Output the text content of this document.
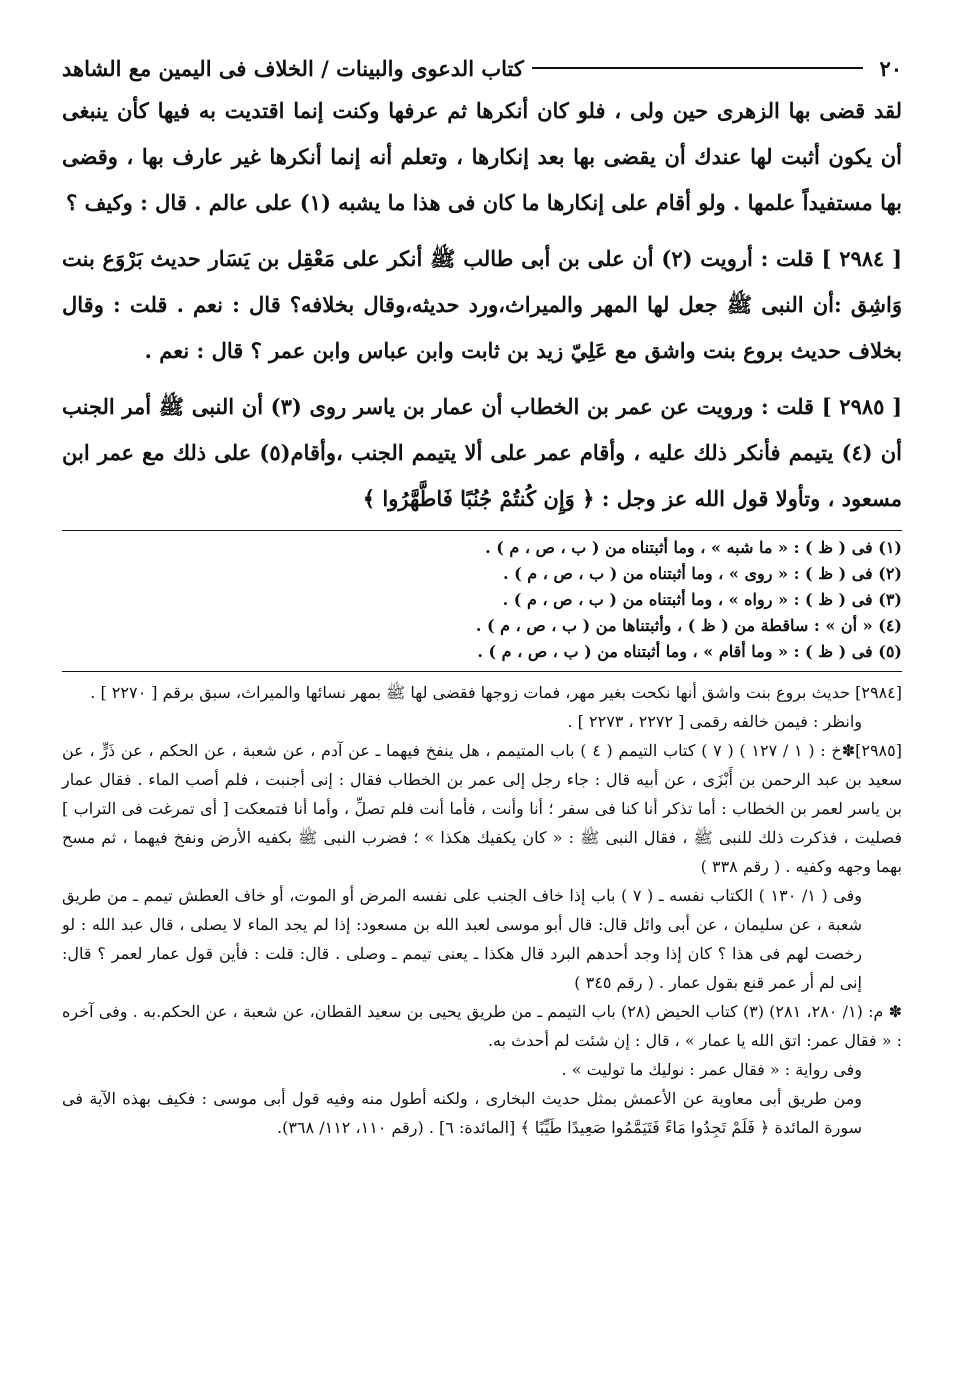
٢٠
كتاب الدعوى والبينات / الخلاف فى اليمين مع الشاهد

لقد قضى بها الزهرى حين ولى ، فلو كان أنكرها ثم عرفها وكنت إنما اقتديت به فيها كأن ينبغى أن يكون أثبت لها عندك أن يقضى بها بعد إنكارها ، وتعلم أنه إنما أنكرها غير عارف بها ، وقضى بها مستفيداً علمها . ولو أقام على إنكارها ما كان فى هذا ما يشبه (١) على عالم . قال : وكيف ؟

[ ٢٩٨٤ ] قلت : أرويت (٢) أن على بن أبى طالب ﷺ أنكر على مَعْقِل بن يَسَار حديث بَرْوَع بنت وَاشِق :أن النبى ﷺ جعل لها المهر والميراث،ورد حديثه،وقال بخلافه؟ قال : نعم . قلت : وقال بخلاف حديث بروع بنت واشق مع عَلِيّ زيد بن ثابت وابن عباس وابن عمر ؟ قال : نعم .

[ ٢٩٨٥ ] قلت : ورويت عن عمر بن الخطاب أن عمار بن ياسر روى (٣) أن النبى ﷺ أمر الجنب أن (٤) يتيمم فأنكر ذلك عليه ، وأقام عمر على ألا يتيمم الجنب ،وأقام(٥) على ذلك مع عمر ابن مسعود ، وتأولا قول الله عز وجل : ﴿ وَإِن كُنتُمْ جُنُبًا فَاطَّهَّرُوا ﴾

(١) فى ( ظ ) : « ما شبه » ، وما أثبتناه من ( ب ، ص ، م ) .
(٢) فى ( ظ ) : « روى » ، وما أثبتناه من ( ب ، ص ، م ) .
(٣) فى ( ظ ) : « رواه » ، وما أثبتناه من ( ب ، ص ، م ) .
(٤) « أن » : ساقطة من ( ظ ) ، وأثبتناها من ( ب ، ص ، م ) .
(٥) فى ( ظ ) : « وما أقام » ، وما أثبتناه من ( ب ، ص ، م ) .

[٢٩٨٤] حديث بروع بنت واشق أنها نكحت بغير مهر، فمات زوجها فقضى لها ﷺ بمهر نسائها والميراث، سبق برقم [ ٢٢٧٠ ] .

وانظر : فيمن خالفه رقمى [ ٢٢٧٢ ، ٢٢٧٣ ] .

[٢٩٨٥]✽خ : ( ١ / ١٢٧ ) ( ٧ ) كتاب التيمم ( ٤ ) باب المتيمم ، هل ينفخ فيهما ـ عن آدم ، عن شعبة ، عن الحكم ، عن ذَرٍّ ، عن سعيد بن عبد الرحمن بن أَبْزَى ، عن أبيه قال : جاء رجل إلى عمر بن الخطاب فقال : إنى أجنبت ، فلم أصب الماء . فقال عمار بن ياسر لعمر بن الخطاب : أما تذكر أنا كنا فى سفر ؛ أنا وأنت ، فأما أنت فلم تصلِّ ، وأما أنا فتمعكت [ أى تمرغت فى التراب ] فصليت ، فذكرت ذلك للنبى ﷺ ، فقال النبى ﷺ : « كان يكفيك هكذا » ؛ فضرب النبى ﷺ بكفيه الأرض ونفخ فيهما ، ثم مسح بهما وجهه وكفيه . ( رقم ٣٣٨ )

وفى ( ١/ ١٣٠ ) الكتاب نفسه ـ ( ٧ ) باب إذا خاف الجنب على نفسه المرض أو الموت، أو خاف العطش تيمم ـ من طريق شعبة ، عن سليمان ، عن أبى وائل قال: قال أبو موسى لعبد الله بن مسعود: إذا لم يجد الماء لا يصلى ، قال عبد الله : لو رخصت لهم فى هذا ؟ كان إذا وجد أحدهم البرد قال هكذا ـ يعنى تيمم ـ وصلى . قال: قلت : فأين قول عمار لعمر ؟ قال: إنى لم أر عمر قنع بقول عمار . ( رقم ٣٤٥ )

✽ م: (١/ ٢٨٠، ٢٨١) (٣) كتاب الحيض (٢٨) باب التيمم ـ من طريق يحيى بن سعيد القطان، عن شعبة ، عن الحكم.به . وفى آخره : « فقال عمر: اتق الله يا عمار » ، قال : إن شئت لم أحدث به.

وفى رواية : « فقال عمر : نوليك ما توليت » .

ومن طريق أبى معاوية عن الأعمش بمثل حديث البخارى ، ولكنه أطول منه وفيه قول أبى موسى : فكيف بهذه الآية فى سورة المائدة ﴿ فَلَمْ تَجِدُوا مَاءً فَتَيَمَّمُوا صَعِيدًا طَيِّبًا ﴾ [المائدة: ٦] . (رقم ١١٠، ١١٢/ ٣٦٨).
